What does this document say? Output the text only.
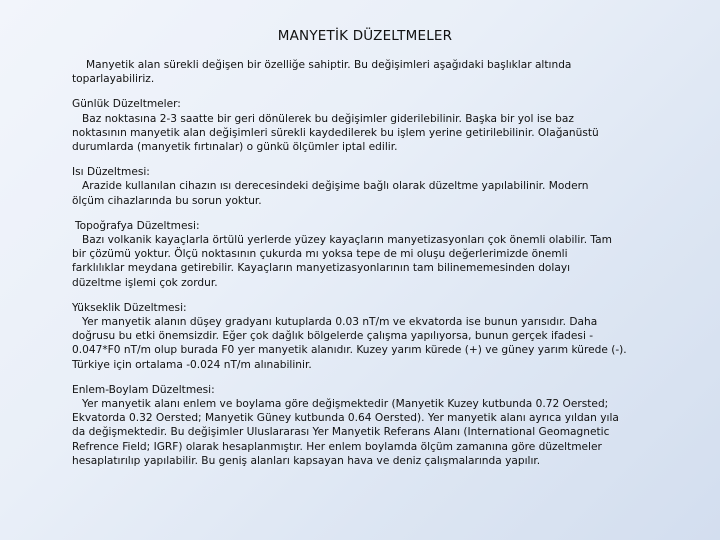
MANYETİK DÜZELTMELER
Manyetik alan sürekli değişen bir özelliğe sahiptir. Bu değişimleri aşağıdaki başlıklar altında
toparlayabiliriz.
Günlük Düzeltmeler:
Baz noktasına 2-3 saatte bir geri dönülerek bu değişimler giderilebilinir. Başka bir yol ise baz
noktasının manyetik alan değişimleri sürekli kaydedilerek bu işlem yerine getirilebilinir. Olağanüstü
durumlarda (manyetik fırtınalar) o günkü ölçümler iptal edilir.
Isı Düzeltmesi:
Arazide kullanılan cihazın ısı derecesindeki değişime bağlı olarak düzeltme yapılabilinir. Modern
ölçüm cihazlarında bu sorun yoktur.
Topoğrafya Düzeltmesi:
Bazı volkanik kayaçlarla örtülü yerlerde yüzey kayaçların manyetizasyonları çok önemli olabilir. Tam
bir çözümü yoktur. Ölçü noktasının çukurda mı yoksa tepe de mi oluşu değerlerimizde önemli
farklılıklar meydana getirebilir. Kayaçların manyetizasyonlarının tam bilinememesinden dolayı
düzeltme işlemi çok zordur.
Yükseklik Düzeltmesi:
Yer manyetik alanın düşey gradyanı kutuplarda 0.03 nT/m ve ekvatorda ise bunun yarısıdır. Daha
doğrusu bu etki önemsizdir. Eğer çok dağlık bölgelerde çalışma yapılıyorsa, bunun gerçek ifadesi -
0.047*F0 nT/m olup burada F0 yer manyetik alanıdır. Kuzey yarım kürede (+) ve güney yarım kürede (-).
Türkiye için ortalama -0.024 nT/m alınabilinir.
Enlem-Boylam Düzeltmesi:
Yer manyetik alanı enlem ve boylama göre değişmektedir (Manyetik Kuzey kutbunda 0.72 Oersted;
Ekvatorda 0.32 Oersted; Manyetik Güney kutbunda 0.64 Oersted). Yer manyetik alanı ayrıca yıldan yıla
da değişmektedir. Bu değişimler Uluslararası Yer Manyetik Referans Alanı (International Geomagnetic
Refrence Field; IGRF) olarak hesaplanmıştır. Her enlem boylamda ölçüm zamanına göre düzeltmeler
hesaplatırılıp yapılabilir. Bu geniş alanları kapsayan hava ve deniz çalışmalarında yapılır.
